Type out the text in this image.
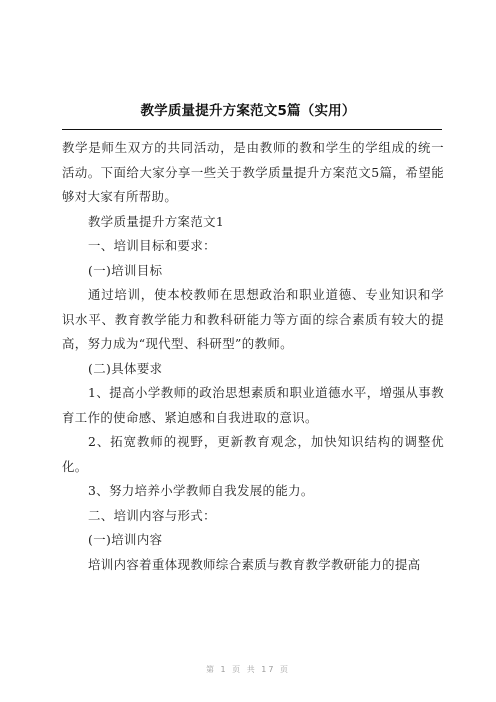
教学质量提升方案范文5篇（实用）

教学是师生双方的共同活动，是由教师的教和学生的学组成的统一活动。下面给大家分享一些关于教学质量提升方案范文5篇，希望能够对大家有所帮助。

教学质量提升方案范文1

一、培训目标和要求：

(一)培训目标

通过培训，使本校教师在思想政治和职业道德、专业知识和学识水平、教育教学能力和教科研能力等方面的综合素质有较大的提高，努力成为“现代型、科研型”的教师。

(二)具体要求

1、提高小学教师的政治思想素质和职业道德水平，增强从事教育工作的使命感、紧迫感和自我进取的意识。

2、拓宽教师的视野，更新教育观念，加快知识结构的调整优化。

3、努力培养小学教师自我发展的能力。

二、培训内容与形式：

(一)培训内容

培训内容着重体现教师综合素质与教育教学教研能力的提高

第 1 页 共 17 页
